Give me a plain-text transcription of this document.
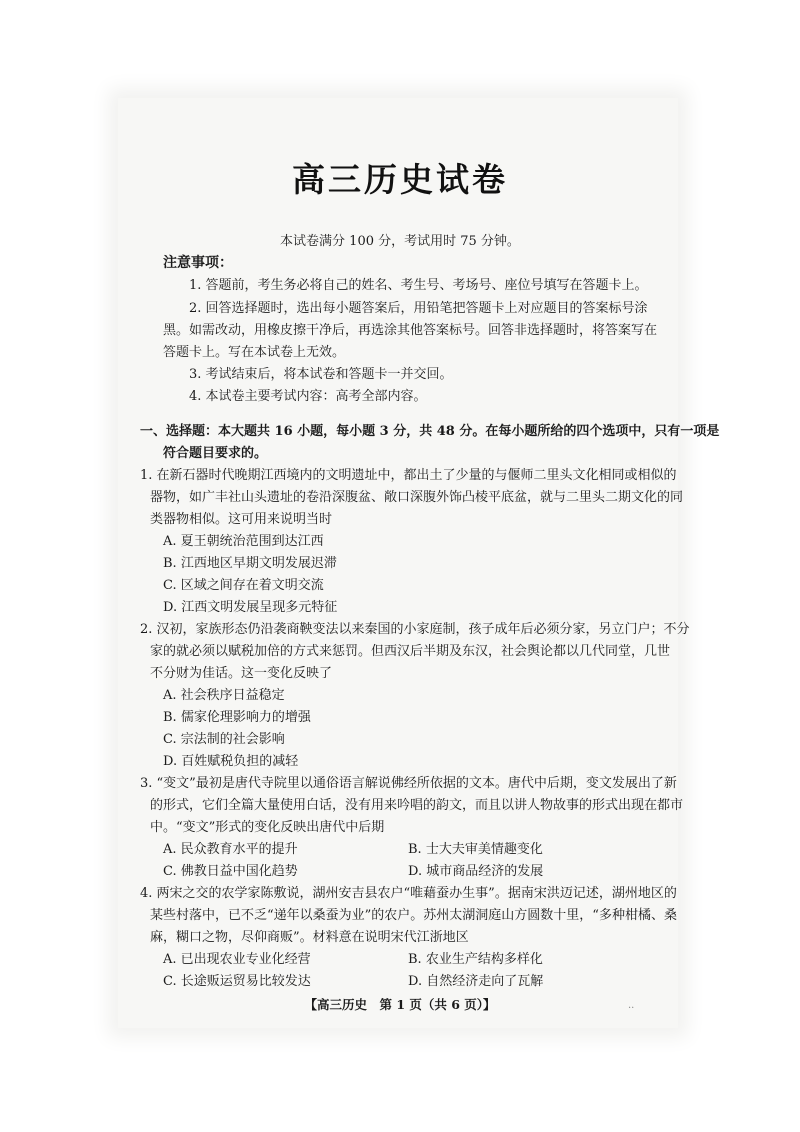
高三历史试卷
本试卷满分 100 分，考试用时 75 分钟。
注意事项：
1. 答题前，考生务必将自己的姓名、考生号、考场号、座位号填写在答题卡上。
2. 回答选择题时，选出每小题答案后，用铅笔把答题卡上对应题目的答案标号涂
黑。如需改动，用橡皮擦干净后，再选涂其他答案标号。回答非选择题时，将答案写在
答题卡上。写在本试卷上无效。
3. 考试结束后，将本试卷和答题卡一并交回。
4. 本试卷主要考试内容：高考全部内容。
一、选择题：本大题共 16 小题，每小题 3 分，共 48 分。在每小题所给的四个选项中，只有一项是
符合题目要求的。
1. 在新石器时代晚期江西境内的文明遗址中，都出土了少量的与偃师二里头文化相同或相似的
器物，如广丰社山头遗址的卷沿深腹盆、敞口深腹外饰凸棱平底盆，就与二里头二期文化的同
类器物相似。这可用来说明当时
A. 夏王朝统治范围到达江西
B. 江西地区早期文明发展迟滞
C. 区域之间存在着文明交流
D. 江西文明发展呈现多元特征
2. 汉初，家族形态仍沿袭商鞅变法以来秦国的小家庭制，孩子成年后必须分家，另立门户；不分
家的就必须以赋税加倍的方式来惩罚。但西汉后半期及东汉，社会舆论都以几代同堂，几世
不分财为佳话。这一变化反映了
A. 社会秩序日益稳定
B. 儒家伦理影响力的增强
C. 宗法制的社会影响
D. 百姓赋税负担的减轻
3. “变文”最初是唐代寺院里以通俗语言解说佛经所依据的文本。唐代中后期，变文发展出了新
的形式，它们全篇大量使用白话，没有用来吟唱的韵文，而且以讲人物故事的形式出现在都市
中。“变文”形式的变化反映出唐代中后期
A. 民众教育水平的提升	B. 士大夫审美情趣变化
C. 佛教日益中国化趋势	D. 城市商品经济的发展
4. 两宋之交的农学家陈敷说，湖州安吉县农户“唯藉蚕办生事”。据南宋洪迈记述，湖州地区的
某些村落中，已不乏“递年以桑蚕为业”的农户。苏州太湖洞庭山方圆数十里，“多种柑橘、桑
麻，糊口之物，尽仰商贩”。材料意在说明宋代江浙地区
A. 已出现农业专业化经营	B. 农业生产结构多样化
C. 长途贩运贸易比较发达	D. 自然经济走向了瓦解
【高三历史　第 1 页（共 6 页）】	..
